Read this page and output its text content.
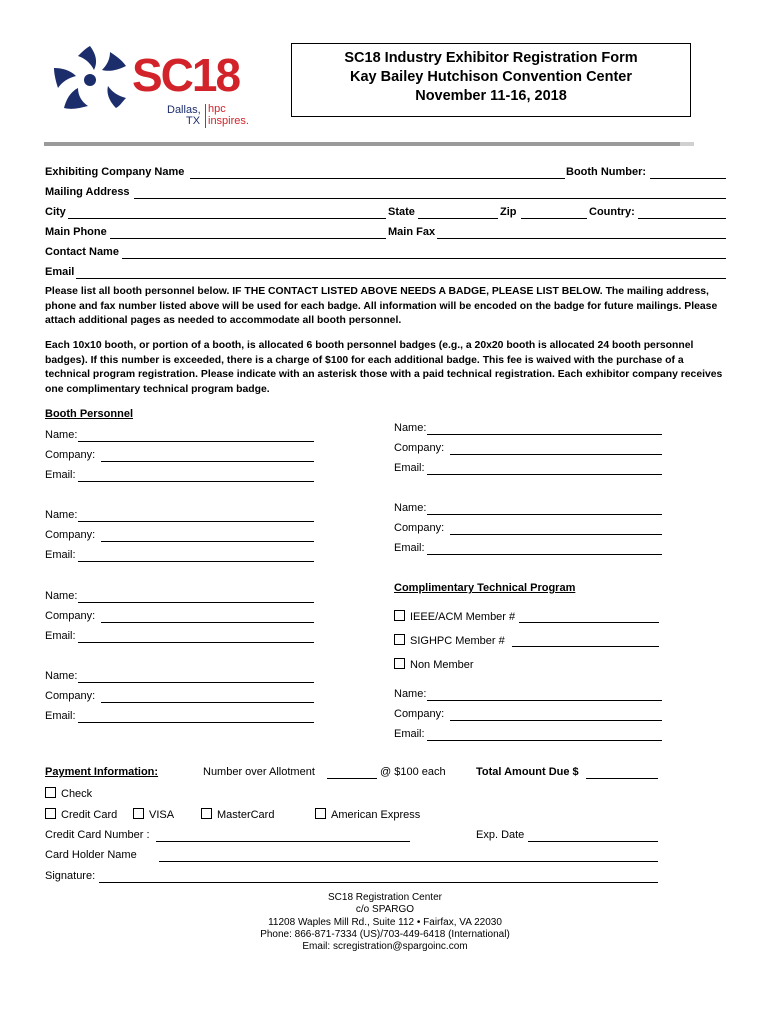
SC18
Dallas,
TX
hpc
inspires.
SC18 Industry Exhibitor Registration Form
Kay Bailey Hutchison Convention Center
November 11-16, 2018
Exhibiting Company Name	Booth Number:
Mailing Address
City	State	Zip	Country:
Main Phone	Main Fax
Contact Name
Email
Please list all booth personnel below. IF THE CONTACT LISTED ABOVE NEEDS A BADGE, PLEASE LIST BELOW. The mailing address, phone and fax number listed above will be used for each badge. All information will be encoded on the badge for future mailings. Please attach additional pages as needed to accommodate all booth personnel.
Each 10x10 booth, or portion of a booth, is allocated 6 booth personnel badges (e.g., a 20x20 booth is allocated 24 booth personnel badges). If this number is exceeded, there is a charge of $100 for each additional badge. This fee is waived with the purchase of a technical program registration. Please indicate with an asterisk those with a paid technical registration. Each exhibitor company receives one complimentary technical program badge.
Booth Personnel
Name:
Company:
Email:
Name:
Company:
Email:
Name:
Company:
Email:
Name:
Company:
Email:
Name:
Company:
Email:
Name:
Company:
Email:
Complimentary Technical Program
IEEE/ACM Member #
SIGHPC Member #
Non Member
Name:
Company:
Email:
Payment Information:	Number over Allotment	@ $100 each	Total Amount Due $
Check
Credit Card	VISA	MasterCard	American Express
Credit Card Number :	Exp. Date
Card Holder Name
Signature:
SC18 Registration Center
c/o SPARGO
11208 Waples Mill Rd., Suite 112 • Fairfax, VA 22030
Phone: 866-871-7334 (US)/703-449-6418 (International)
Email: scregistration@spargoinc.com
